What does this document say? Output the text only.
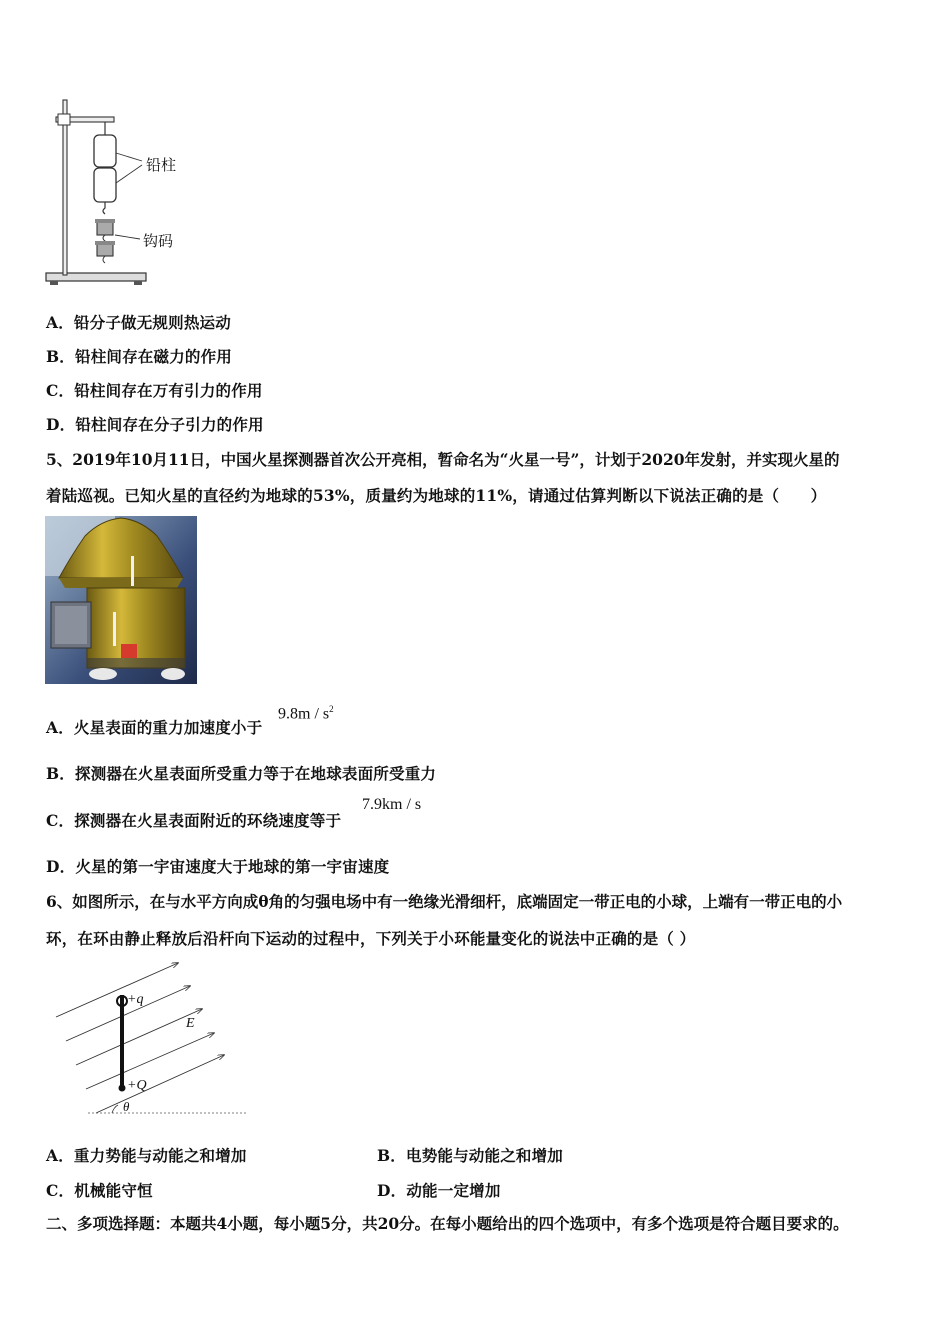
铅柱
钩码
A．铅分子做无规则热运动
B．铅柱间存在磁力的作用
C．铅柱间存在万有引力的作用
D．铅柱间存在分子引力的作用
5、2019年10月11日，中国火星探测器首次公开亮相，暂命名为“火星一号”，计划于2020年发射，并实现火星的
着陆巡视。已知火星的直径约为地球的53%，质量约为地球的11%，请通过估算判断以下说法正确的是（　　）
A．火星表面的重力加速度小于
$9.8m / s^2$
B．探测器在火星表面所受重力等于在地球表面所受重力
C．探测器在火星表面附近的环绕速度等于
7.9km / s
D．火星的第一宇宙速度大于地球的第一宇宙速度
6、如图所示，在与水平方向成θ角的匀强电场中有一绝缘光滑细杆，底端固定一带正电的小球，上端有一带正电的小
环，在环由静止释放后沿杆向下运动的过程中，下列关于小环能量变化的说法中正确的是（ ）
+q
E
+Q
θ
A．重力势能与动能之和增加	B．电势能与动能之和增加
C．机械能守恒	D．动能一定增加
二、多项选择题：本题共4小题，每小题5分，共20分。在每小题给出的四个选项中，有多个选项是符合题目要求的。
